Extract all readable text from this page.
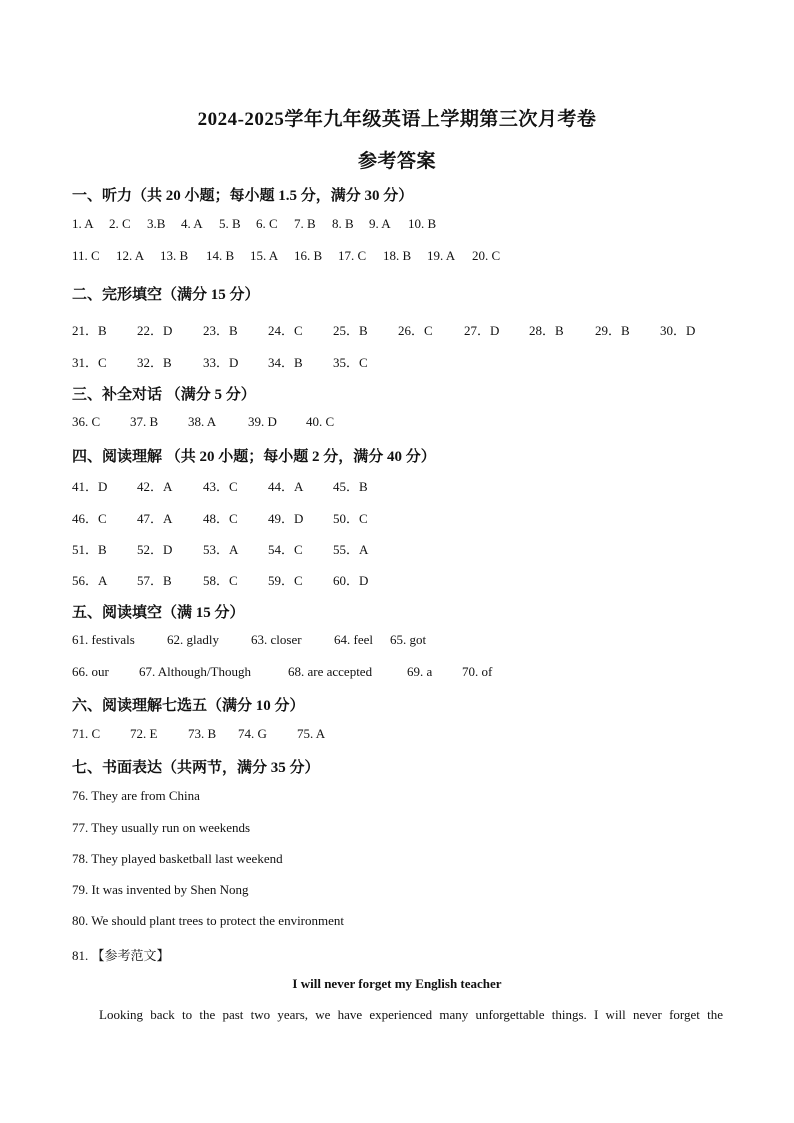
2024-2025学年九年级英语上学期第三次月考卷
参考答案
一、听力（共 20 小题；每小题 1.5 分，满分 30 分）
1. A 2. C 3.B 4. A 5. B 6. C 7. B 8. B 9. A 10. B
11. C 12. A 13. B 14. B 15. A 16. B 17. C 18. B 19. A 20. C
二、完形填空（满分 15 分）
21．B 22．D 23．B 24．C 25．B 26．C 27．D 28．B 29．B 30．D
31．C 32．B 33．D 34．B 35．C
三、补全对话 （满分 5 分）
36. C 37. B 38. A 39. D 40. C
四、阅读理解 （共 20 小题；每小题 2 分，满分 40 分）
41．D 42．A 43．C 44．A 45．B
46．C 47．A 48．C 49．D 50．C
51．B 52．D 53．A 54．C 55．A
56．A 57．B 58．C 59．C 60．D
五、阅读填空（满 15 分）
61. festivals 62. gladly 63. closer 64. feel 65. got
66. our 67. Although/Though	68. are accepted	69. a 70. of
六、阅读理解七选五（满分 10 分）
71. C 72. E 73. B 74. G 75. A
七、书面表达（共两节，满分 35 分）
76. They are from China
77. They usually run on weekends
78. They played basketball last weekend
79. It was invented by Shen Nong
80. We should plant trees to protect the environment
81. 【参考范文】
I will never forget my English teacher
Looking back to the past two years, we have experienced many unforgettable things. I will never forget the
